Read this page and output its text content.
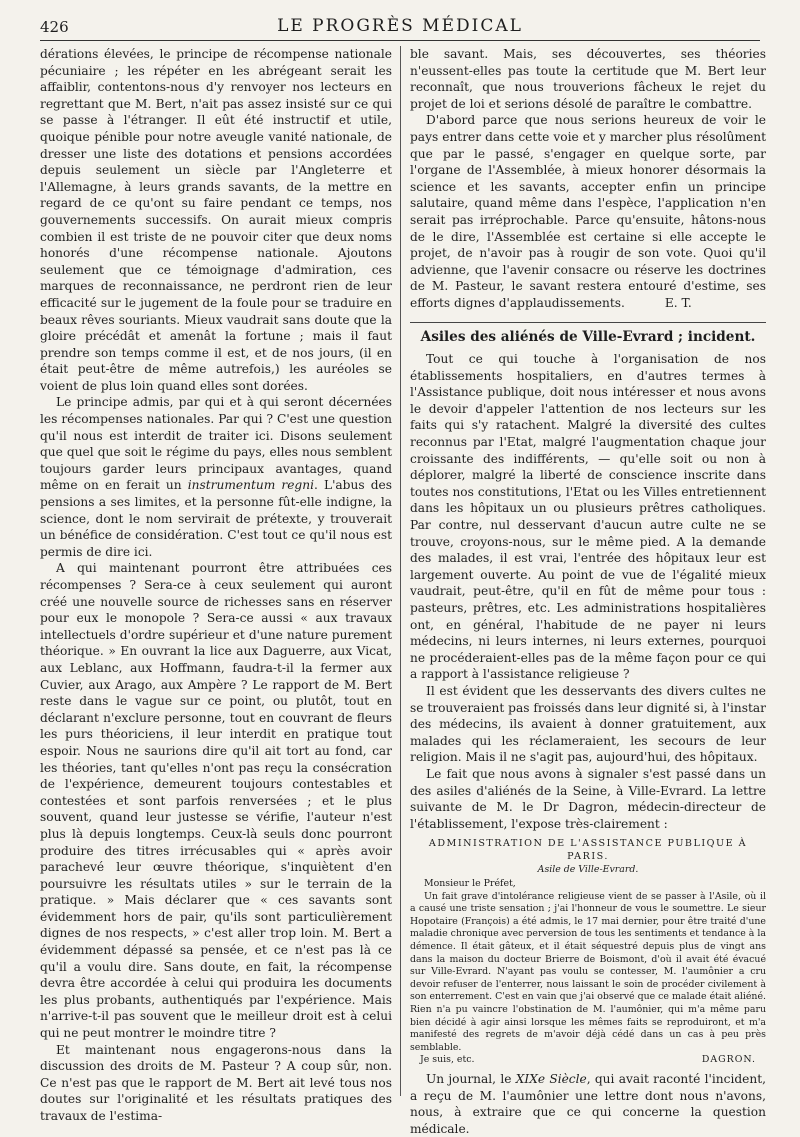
426	LE PROGRÈS MÉDICAL

dérations élevées, le principe de récompense nationale pécuniaire ; les répéter en les abrégeant serait les affaiblir, contentons-nous d'y renvoyer nos lecteurs en regrettant que M. Bert, n'ait pas assez insisté sur ce qui se passe à l'étranger. Il eût été instructif et utile, quoique pénible pour notre aveugle vanité nationale, de dresser une liste des dotations et pensions accordées depuis seulement un siècle par l'Angleterre et l'Allemagne, à leurs grands savants, de la mettre en regard de ce qu'ont su faire pendant ce temps, nos gouvernements successifs. On aurait mieux compris combien il est triste de ne pouvoir citer que deux noms honorés d'une récompense nationale. Ajoutons seulement que ce témoignage d'admiration, ces marques de reconnaissance, ne perdront rien de leur efficacité sur le jugement de la foule pour se traduire en beaux rêves souriants. Mieux vaudrait sans doute que la gloire précédât et amenât la fortune ; mais il faut prendre son temps comme il est, et de nos jours, (il en était peut-être de même autrefois,) les auréoles se voient de plus loin quand elles sont dorées.

Le principe admis, par qui et à qui seront décernées les récompenses nationales. Par qui ? C'est une question qu'il nous est interdit de traiter ici. Disons seulement que quel que soit le régime du pays, elles nous semblent toujours garder leurs principaux avantages, quand même on en ferait un instrumentum regni. L'abus des pensions a ses limites, et la personne fût-elle indigne, la science, dont le nom servirait de prétexte, y trouverait un bénéfice de considération. C'est tout ce qu'il nous est permis de dire ici.

A qui maintenant pourront être attribuées ces récompenses ? Sera-ce à ceux seulement qui auront créé une nouvelle source de richesses sans en réserver pour eux le monopole ? Sera-ce aussi « aux travaux intellectuels d'ordre supérieur et d'une nature purement théorique. » En ouvrant la lice aux Daguerre, aux Vicat, aux Leblanc, aux Hoffmann, faudra-t-il la fermer aux Cuvier, aux Arago, aux Ampère ? Le rapport de M. Bert reste dans le vague sur ce point, ou plutôt, tout en déclarant n'exclure personne, tout en couvrant de fleurs les purs théoriciens, il leur interdit en pratique tout espoir. Nous ne saurions dire qu'il ait tort au fond, car les théories, tant qu'elles n'ont pas reçu la consécration de l'expérience, demeurent toujours contestables et contestées et sont parfois renversées ; et le plus souvent, quand leur justesse se vérifie, l'auteur n'est plus là depuis longtemps. Ceux-là seuls donc pourront produire des titres irrécusables qui « après avoir parachevé leur œuvre théorique, s'inquiètent d'en poursuivre les résultats utiles » sur le terrain de la pratique. » Mais déclarer que « ces savants sont évidemment hors de pair, qu'ils sont particulièrement dignes de nos respects, » c'est aller trop loin. M. Bert a évidemment dépassé sa pensée, et ce n'est pas là ce qu'il a voulu dire. Sans doute, en fait, la récompense devra être accordée à celui qui produira les documents les plus probants, authentiqués par l'expérience. Mais n'arrive-t-il pas souvent que le meilleur droit est à celui qui ne peut montrer le moindre titre ?

Et maintenant nous engagerons-nous dans la discussion des droits de M. Pasteur ? A coup sûr, non. Ce n'est pas que le rapport de M. Bert ait levé tous nos doutes sur l'originalité et les résultats pratiques des travaux de l'estima-

ble savant. Mais, ses découvertes, ses théories n'eussent-elles pas toute la certitude que M. Bert leur reconnaît, que nous trouverions fâcheux le rejet du projet de loi et serions désolé de paraître le combattre.

D'abord parce que nous serions heureux de voir le pays entrer dans cette voie et y marcher plus résolûment que par le passé, s'engager en quelque sorte, par l'organe de l'Assemblée, à mieux honorer désormais la science et les savants, accepter enfin un principe salutaire, quand même dans l'espèce, l'application n'en serait pas irréprochable. Parce qu'ensuite, hâtons-nous de le dire, l'Assemblée est certaine si elle accepte le projet, de n'avoir pas à rougir de son vote. Quoi qu'il advienne, que l'avenir consacre ou réserve les doctrines de M. Pasteur, le savant restera entouré d'estime, ses efforts dignes d'applaudissements.	E. T.

Asiles des aliénés de Ville-Evrard ; incident.

Tout ce qui touche à l'organisation de nos établissements hospitaliers, en d'autres termes à l'Assistance publique, doit nous intéresser et nous avons le devoir d'appeler l'attention de nos lecteurs sur les faits qui s'y ratachent. Malgré la diversité des cultes reconnus par l'Etat, malgré l'augmentation chaque jour croissante des indifférents, — qu'elle soit ou non à déplorer, malgré la liberté de conscience inscrite dans toutes nos constitutions, l'Etat ou les Villes entretiennent dans les hôpitaux un ou plusieurs prêtres catholiques. Par contre, nul desservant d'aucun autre culte ne se trouve, croyons-nous, sur le même pied. A la demande des malades, il est vrai, l'entrée des hôpitaux leur est largement ouverte. Au point de vue de l'égalité mieux vaudrait, peut-être, qu'il en fût de même pour tous : pasteurs, prêtres, etc. Les administrations hospitalières ont, en général, l'habitude de ne payer ni leurs médecins, ni leurs internes, ni leurs externes, pourquoi ne procéderaient-elles pas de la même façon pour ce qui a rapport à l'assistance religieuse ?

Il est évident que les desservants des divers cultes ne se trouveraient pas froissés dans leur dignité si, à l'instar des médecins, ils avaient à donner gratuitement, aux malades qui les réclameraient, les secours de leur religion. Mais il ne s'agit pas, aujourd'hui, des hôpitaux.

Le fait que nous avons à signaler s'est passé dans un des asiles d'aliénés de la Seine, à Ville-Evrard. La lettre suivante de M. le Dr Dagron, médecin-directeur de l'établissement, l'expose très-clairement :

ADMINISTRATION DE L'ASSISTANCE PUBLIQUE À PARIS.
Asile de Ville-Evrard.

Monsieur le Préfet,

Un fait grave d'intolérance religieuse vient de se passer à l'Asile, où il a causé une triste sensation ; j'ai l'honneur de vous le soumettre. Le sieur Hopotaire (François) a été admis, le 17 mai dernier, pour être traité d'une maladie chronique avec perversion de tous les sentiments et tendance à la démence. Il était gâteux, et il était séquestré depuis plus de vingt ans dans la maison du docteur Brierre de Boismont, d'où il avait été évacué sur Ville-Evrard. N'ayant pas voulu se contesser, M. l'aumônier a cru devoir refuser de l'enterrer, nous laissant le soin de procéder civilement à son enterrement. C'est en vain que j'ai observé que ce malade était aliéné. Rien n'a pu vaincre l'obstination de M. l'aumônier, qui m'a même paru bien décidé à agir ainsi lorsque les mêmes faits se reproduiront, et m'a manifesté des regrets de m'avoir déjà cédé dans un cas à peu près semblable.

Je suis, etc.	DAGRON.

Un journal, le XIXe Siècle, qui avait raconté l'incident, a reçu de M. l'aumônier une lettre dont nous n'avons, nous, à extraire que ce qui concerne la question médicale.
